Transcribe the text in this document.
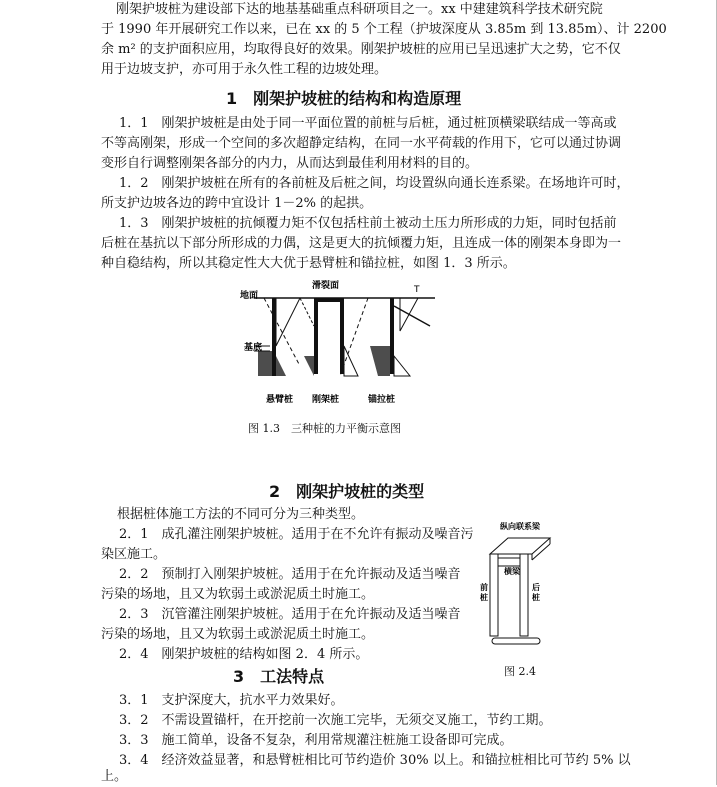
刚架护坡桩为建设部下达的地基基础重点科研项目之一。xx 中建建筑科学技术研究院
于 1990 年开展研究工作以来，已在 xx 的 5 个工程（护坡深度从 3.85m 到 13.85m）、计 2200
余 m² 的支护面积应用，均取得良好的效果。刚架护坡桩的应用已呈迅速扩大之势，它不仅
用于边坡支护，亦可用于永久性工程的边坡处理。
1　刚架护坡桩的结构和构造原理
1．1　刚架护坡桩是由处于同一平面位置的前桩与后桩，通过桩顶横梁联结成一等高或
不等高刚架，形成一个空间的多次超静定结构，在同一水平荷载的作用下，它可以通过协调
变形自行调整刚架各部分的内力，从而达到最佳利用材料的目的。
1．2　刚架护坡桩在所有的各前桩及后桩之间，均设置纵向通长连系梁。在场地许可时，
所支护边坡各边的跨中宜设计 1－2% 的起拱。
1．3　刚架护坡桩的抗倾覆力矩不仅包括柱前土被动土压力所形成的力矩，同时包括前
后桩在基抗以下部分所形成的力偶，这是更大的抗倾覆力矩，且连成一体的刚架本身即为一
种自稳结构，所以其稳定性大大优于悬臂桩和锚拉桩，如图 1．3 所示。
T
滑裂面
地面
基底
悬臂桩 刚架桩	锚拉桩
图 1.3　三种桩的力平衡示意图
2　刚架护坡桩的类型
根据桩体施工方法的不同可分为三种类型。
2．1　成孔灌注刚架护坡桩。适用于在不允许有振动及噪音污
染区施工。
2．2　预制打入刚架护坡桩。适用于在允许振动及适当噪音
污染的场地，且又为软弱土或淤泥质土时施工。
2．3　沉管灌注刚架护坡桩。适用于在允许振动及适当噪音
污染的场地，且又为软弱土或淤泥质土时施工。
2．4　刚架护坡桩的结构如图 2．4 所示。
纵向联系梁
横梁
前桩
后桩
图 2.4
3　工法特点
3．1　支护深度大，抗水平力效果好。
3．2　不需设置锚杆，在开挖前一次施工完毕，无须交叉施工，节约工期。
3．3　施工简单，设备不复杂，利用常规灌注桩施工设备即可完成。
3．4　经济效益显著，和悬臂桩相比可节约造价 30% 以上。和锚拉桩相比可节约 5% 以
上。
